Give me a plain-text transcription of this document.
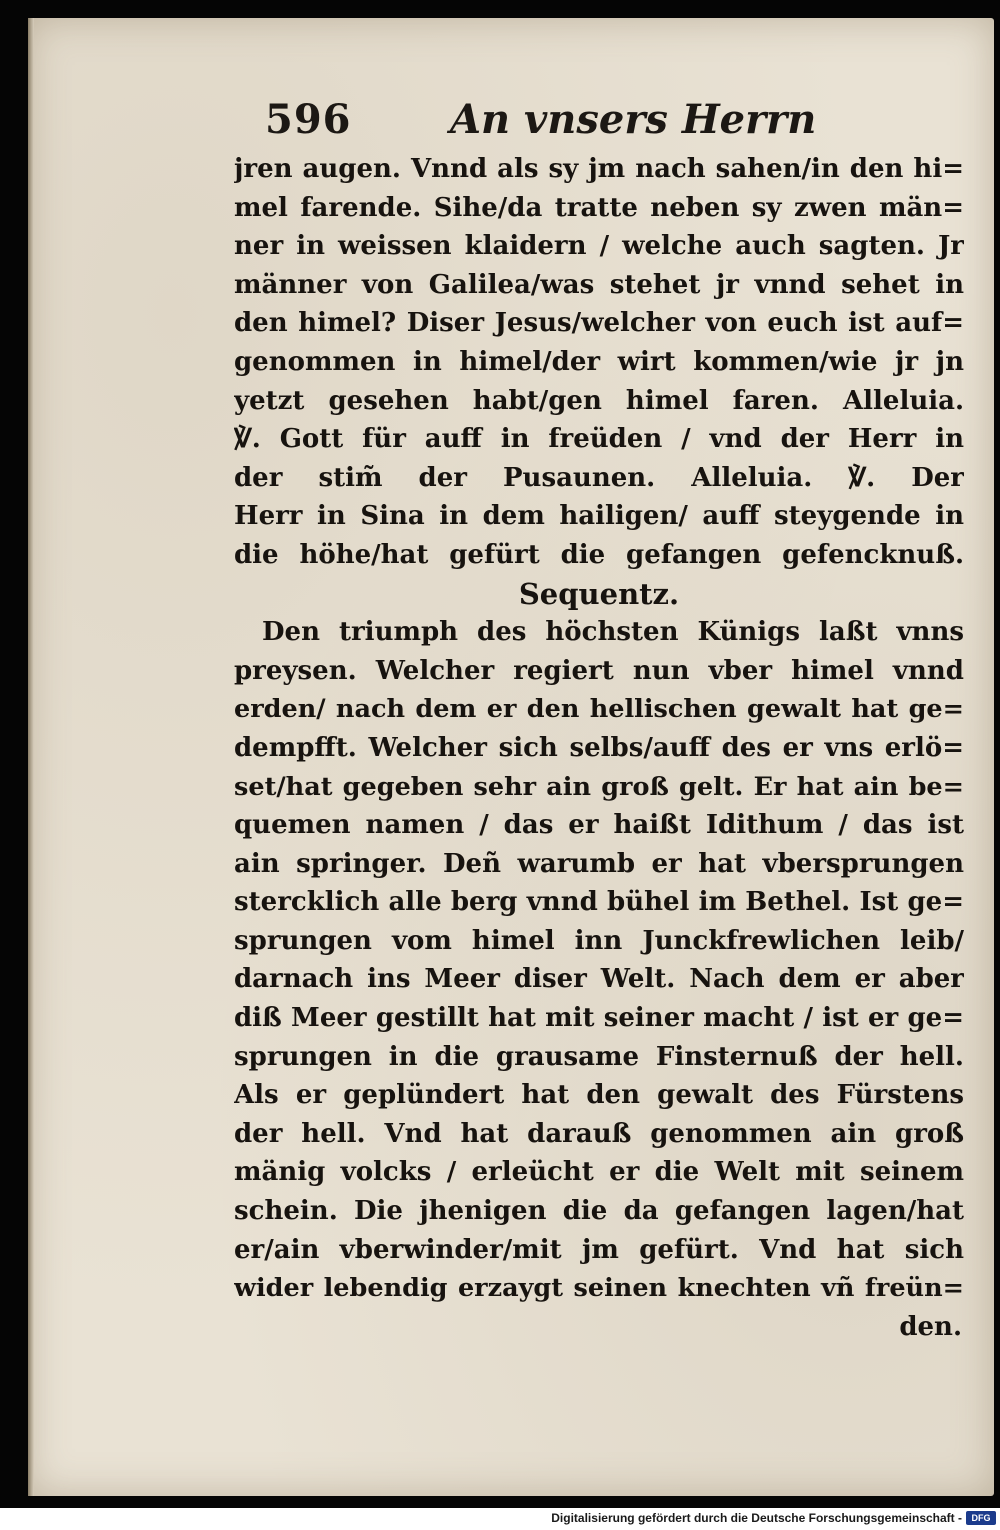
596 An vnsers Herrn
jren augen. Vnnd als sy jm nach sahen/in den hi=
mel farende. Sihe/da tratte neben sy zwen män=
ner in weissen klaidern / welche auch sagten. Jr
männer von Galilea/was stehet jr vnnd sehet in
den himel? Diser Jesus/welcher von euch ist auf=
genommen in himel/der wirt kommen/wie jr jn
yetzt gesehen habt/gen himel faren. Alleluia.
℣. Gott für auff in freüden / vnd der Herr in
der stim̃ der Pusaunen. Alleluia. ℣. Der
Herr in Sina in dem hailigen/ auff steygende in
die höhe/hat gefürt die gefangen gefencknuß.
Sequentz.
Den triumph des höchsten Künigs laßt vnns
preysen. Welcher regiert nun vber himel vnnd
erden/ nach dem er den hellischen gewalt hat ge=
dempfft. Welcher sich selbs/auff des er vns erlö=
set/hat gegeben sehr ain groß gelt. Er hat ain be=
quemen namen / das er haißt Idithum / das ist
ain springer. Deñ warumb er hat vbersprungen
stercklich alle berg vnnd bühel im Bethel. Ist ge=
sprungen vom himel inn Junckfrewlichen leib/
darnach ins Meer diser Welt. Nach dem er aber
diß Meer gestillt hat mit seiner macht / ist er ge=
sprungen in die grausame Finsternuß der hell.
Als er geplündert hat den gewalt des Fürstens
der hell. Vnd hat darauß genommen ain groß
mänig volcks / erleücht er die Welt mit seinem
schein. Die jhenigen die da gefangen lagen/hat
er/ain vberwinder/mit jm gefürt. Vnd hat sich
wider lebendig erzaygt seinen knechten vñ freün=
den.
Digitalisierung gefördert durch die Deutsche Forschungsgemeinschaft -	DFG
